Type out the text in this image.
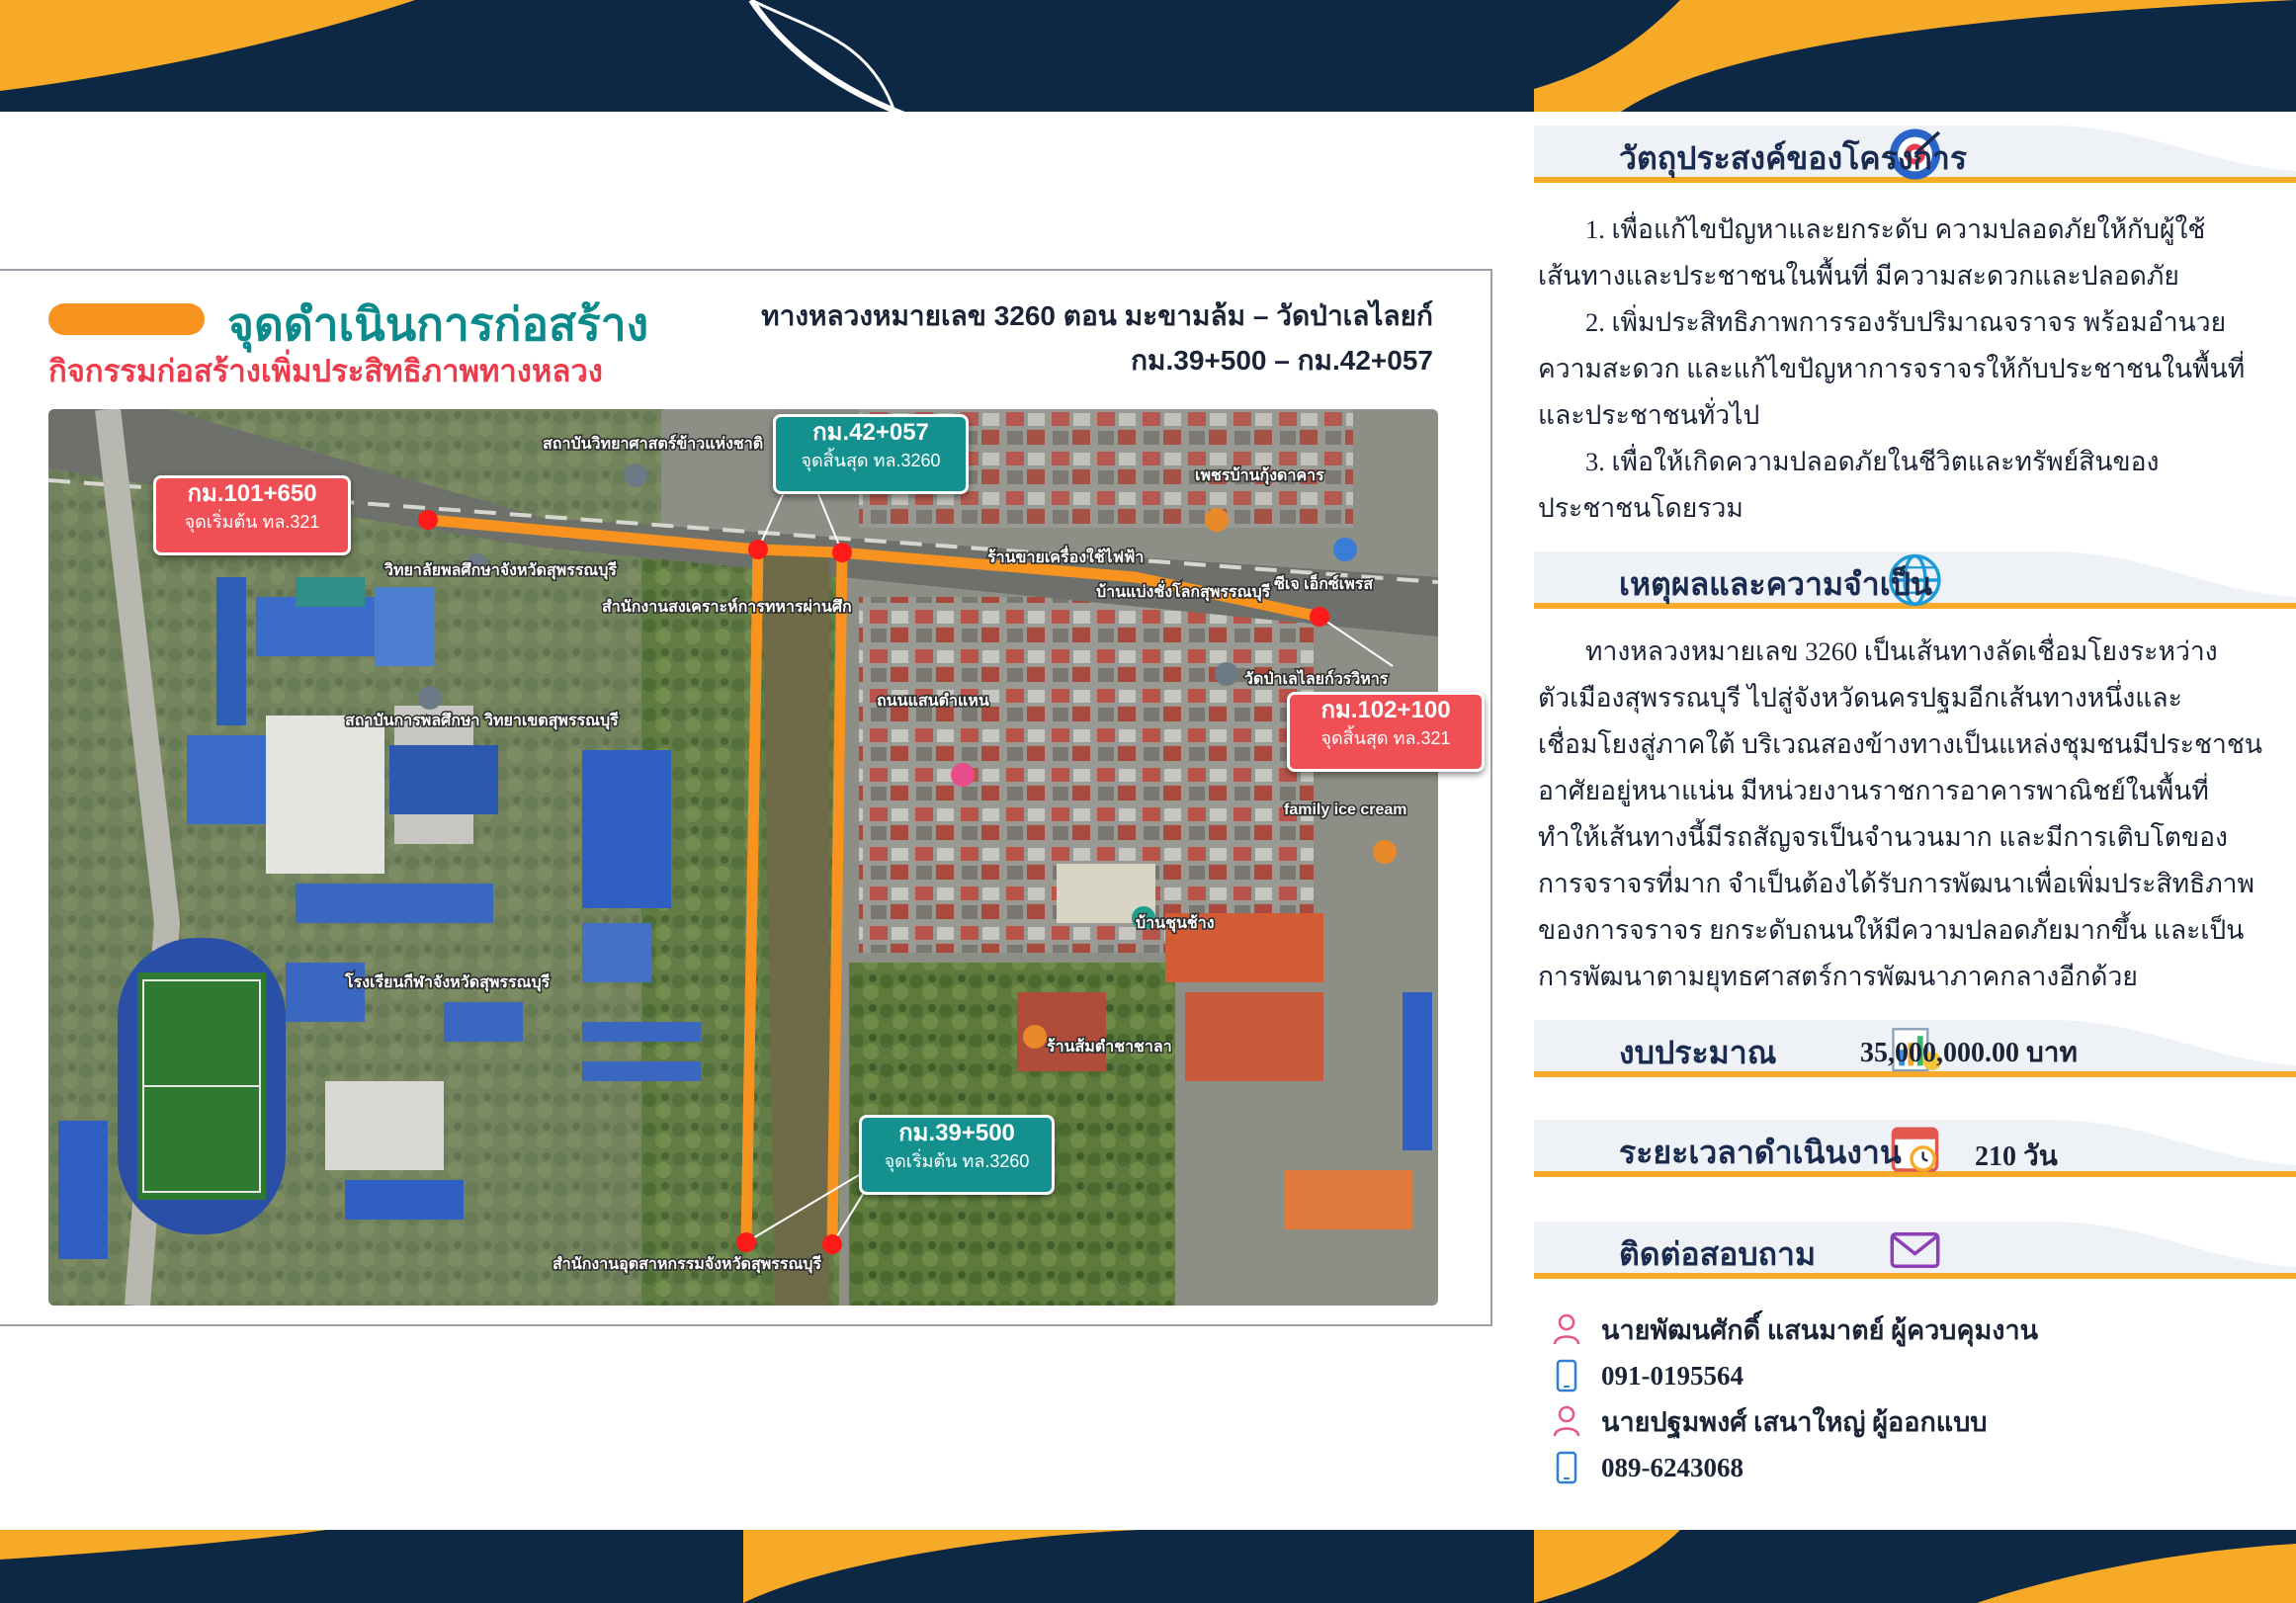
จุดดำเนินการก่อสร้าง
กิจกรรมก่อสร้างเพิ่มประสิทธิภาพทางหลวง
ทางหลวงหมายเลข 3260 ตอน มะขามล้ม – วัดป่าเลไลยก์
กม.39+500 – กม.42+057
สถาบันวิทยาศาสตร์ข้าวแห่งชาติ
วิทยาลัยพลศึกษาจังหวัดสุพรรณบุรี
สำนักงานสงเคราะห์การทหารผ่านศึก
สถาบันการพลศึกษา วิทยาเขตสุพรรณบุรี
โรงเรียนกีฬาจังหวัดสุพรรณบุรี
สำนักงานอุตสาหกรรมจังหวัดสุพรรณบุรี
ถนนแสนตำแหน
บ้านชุนช้าง
ร้านส้มตำชาชาลา
วัดป่าเลไลยก์วรวิหาร
family ice cream
ซีเจ เอ็กซ์เพรส
ร้านขายเครื่องใช้ไฟฟ้า
บ้านแบ่งชั่งโลกสุพรรณบุรี
เพชรบ้านกุ้งดาคาร
กม.101+650
จุดเริ่มต้น ทล.321
กม.42+057
จุดสิ้นสุด ทล.3260
กม.102+100
จุดสิ้นสุด ทล.321
กม.39+500
จุดเริ่มต้น ทล.3260
วัตถุประสงค์ของโครงการ

1. เพื่อแก้ไขปัญหาและยกระดับ ความปลอดภัยให้กับผู้ใช้

เส้นทางและประชาชนในพื้นที่ มีความสะดวกและปลอดภัย

2. เพิ่มประสิทธิภาพการรองรับปริมาณจราจร พร้อมอำนวย

ความสะดวก และแก้ไขปัญหาการจราจรให้กับประชาชนในพื้นที่

และประชาชนทั่วไป

3. เพื่อให้เกิดความปลอดภัยในชีวิตและทรัพย์สินของ

ประชาชนโดยรวม

เหตุผลและความจำเป็น

ทางหลวงหมายเลข 3260 เป็นเส้นทางลัดเชื่อมโยงระหว่าง

ตัวเมืองสุพรรณบุรี ไปสู่จังหวัดนครปฐมอีกเส้นทางหนึ่งและ

เชื่อมโยงสู่ภาคใต้ บริเวณสองข้างทางเป็นแหล่งชุมชนมีประชาชน

อาศัยอยู่หนาแน่น มีหน่วยงานราชการอาคารพาณิชย์ในพื้นที่

ทำให้เส้นทางนี้มีรถสัญจรเป็นจำนวนมาก และมีการเติบโตของ

การจราจรที่มาก จำเป็นต้องได้รับการพัฒนาเพื่อเพิ่มประสิทธิภาพ

ของการจราจร ยกระดับถนนให้มีความปลอดภัยมากขึ้น และเป็น

การพัฒนาตามยุทธศาสตร์การพัฒนาภาคกลางอีกด้วย

งบประมาณ	35,000,000.00 บาท
ระยะเวลาดำเนินงาน	210 วัน
ติดต่อสอบถาม
นายพัฒนศักดิ์ แสนมาตย์ ผู้ควบคุมงาน
091-0195564
นายปฐมพงศ์ เสนาใหญ่ ผู้ออกแบบ
089-6243068
